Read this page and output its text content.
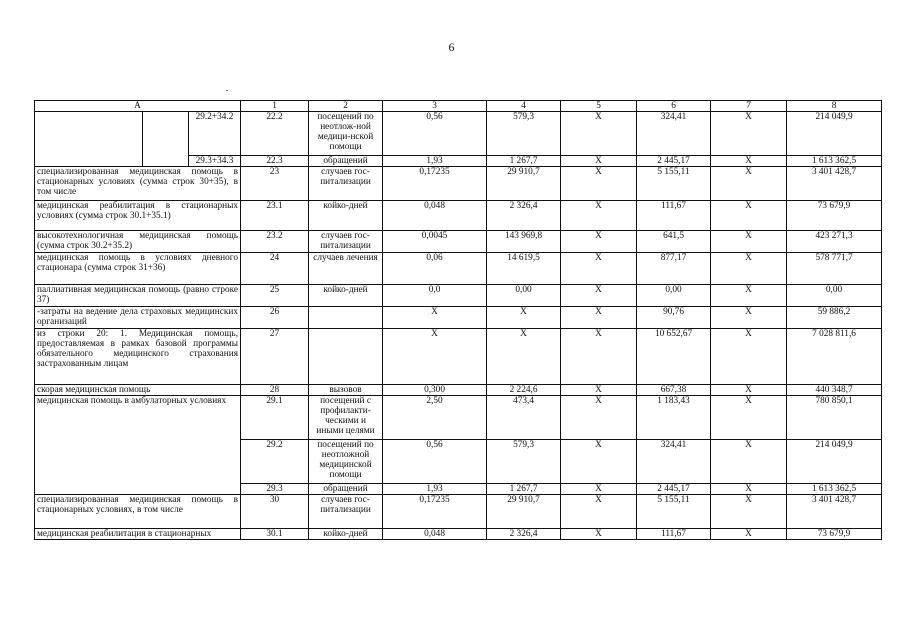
6
A			1	2	3	4	5	6	7	8	
		29.2+34.2	22.2	посещений по неотлож-ной медици-нской помощи	0,56	579,3	X	324,41	X	214 049,9	
		29.3+34.3	22.3	обращений	1,93	1 267,7	X	2 445,17	X	1 613 362,5	
специализированная медицинская помощь в стационарных условиях (сумма строк 30+35), в том числе			23	случаев гос-питализации	0,17235	29 910,7	X	5 155,11	X	3 401 428,7	
медицинская реабилитация в стационарных условиях (сумма строк 30.1+35.1)			23.1	койко-дней	0,048	2 326,4	X	111,67	X	73 679,9	
высокотехнологичная медицинская помощь (сумма строк 30.2+35.2)			23.2	случаев гос-питализации	0,0045	143 969,8	X	641,5	X	423 271,3	
медицинская помощь в условиях дневного стационара (сумма строк 31+36)			24	случаев лечения	0,06	14 619,5	X	877,17	X	578 771,7	
паллиативная медицинская помощь (равно строке 37)			25	койко-дней	0,0	0,00	X	0,00	X	0,00	
-затраты на ведение дела страховых медицинских организаций			26		X	X	X	90,76	X	59 886,2	
из строки 20: 1. Медицинская помощь, предоставляемая в рамках базовой программы обязательного медицинского страхования застрахованным лицам			27		X	X	X	10 652,67	X	7 028 811,6	
скорая медицинская помощь			28	вызовов	0,300	2 224,6	X	667,38	X	440 348,7	
медицинская помощь в амбулаторных условиях			29.1	посещений с профилакти-ческими и иными целями	2,50	473,4	X	1 183,43	X	780 850,1	
			29.2	посещений по неотложной медицинской помощи	0,56	579,3	X	324,41	X	214 049,9	
			29.3	обращений	1,93	1 267,7	X	2 445,17	X	1 613 362,5	
специализированная медицинская помощь в стационарных условиях, в том числе			30	случаев гос-питализации	0,17235	29 910,7	X	5 155,11	X	3 401 428,7	
медицинская реабилитация в стационарных			30.1	койко-дней	0,048	2 326,4	X	111,67	X	73 679,9	
